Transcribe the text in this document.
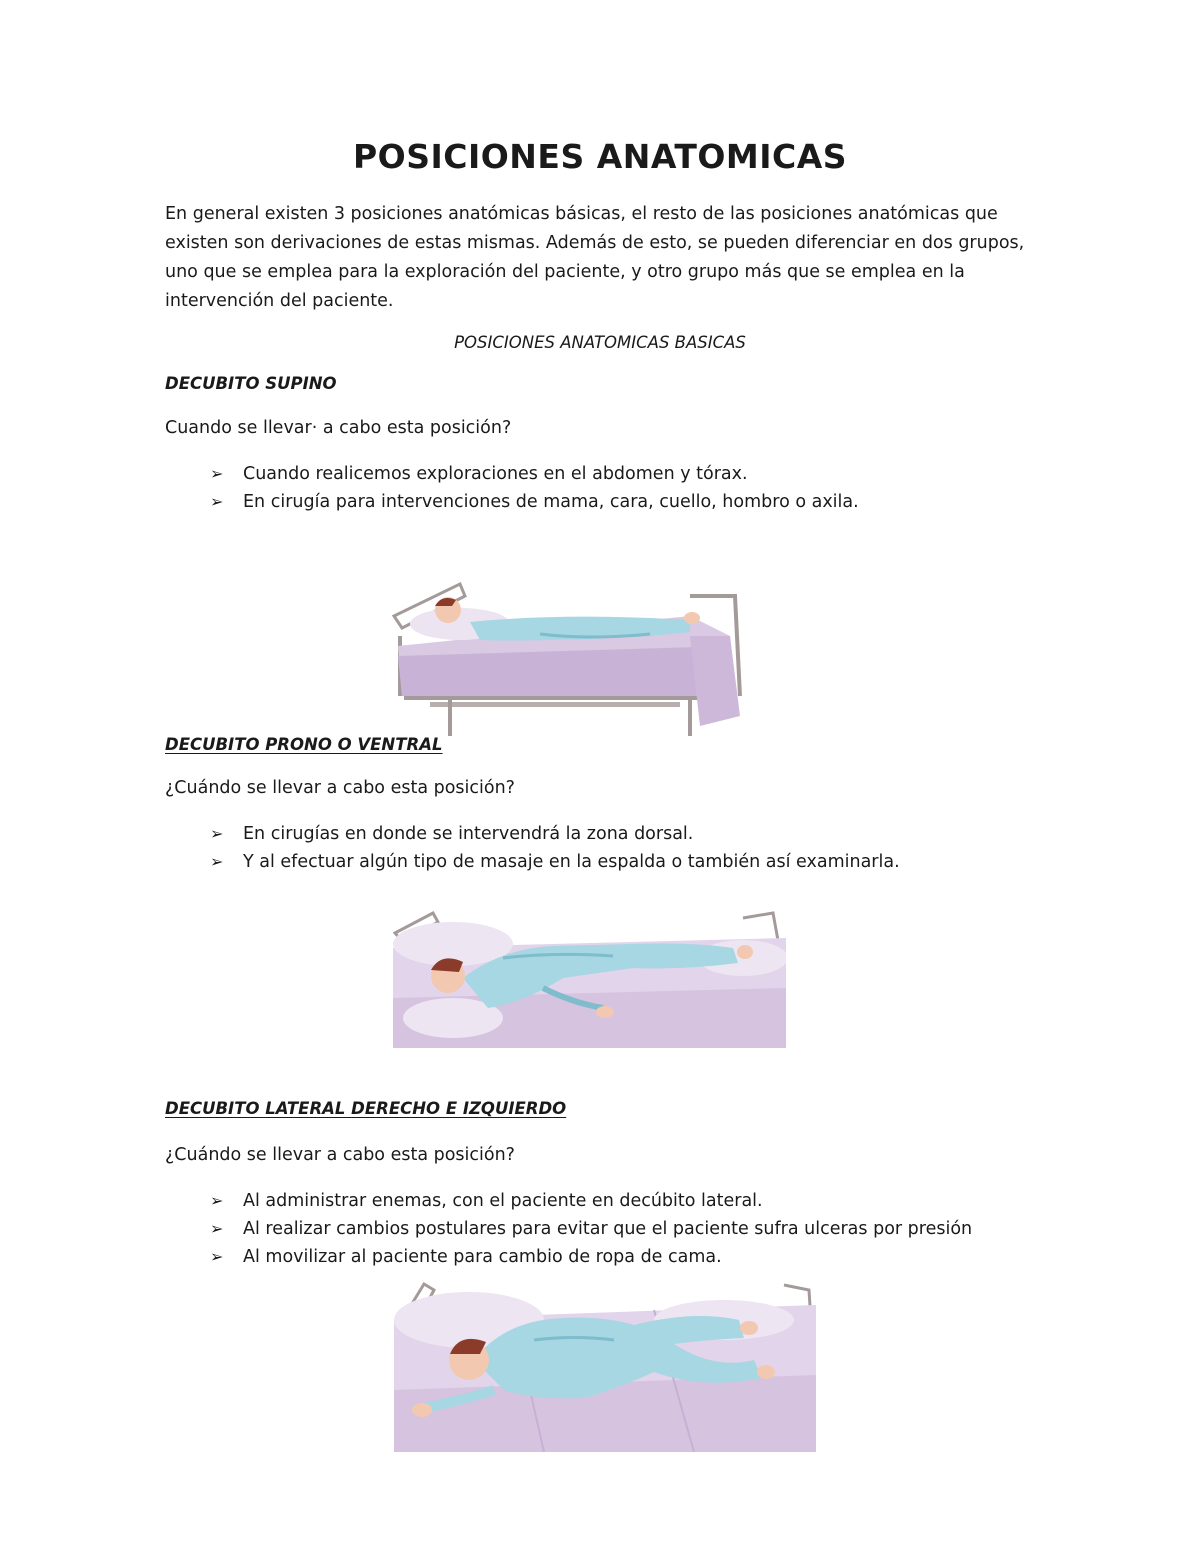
POSICIONES ANATOMICAS

En general existen 3 posiciones anatómicas básicas, el resto de las posiciones anatómicas que existen son derivaciones de estas mismas. Además de esto, se pueden diferenciar en dos grupos, uno que se emplea para la exploración del paciente, y otro grupo más que se emplea en la intervención del paciente.

POSICIONES ANATOMICAS BASICAS

DECUBITO SUPINO

Cuando se llevar· a cabo esta posición?

➢ Cuando realicemos exploraciones en el abdomen y tórax.
➢ En cirugía para intervenciones de mama, cara, cuello, hombro o axila.

DECUBITO PRONO O VENTRAL

¿Cuándo se llevar a cabo esta posición?

➢ En cirugías en donde se intervendrá la zona dorsal.
➢ Y al efectuar algún tipo de masaje en la espalda o también así examinarla.

DECUBITO LATERAL DERECHO E IZQUIERDO

¿Cuándo se llevar a cabo esta posición?

➢ Al administrar enemas, con el paciente en decúbito lateral.
➢ Al realizar cambios postulares para evitar que el paciente sufra ulceras por presión
➢ Al movilizar al paciente para cambio de ropa de cama.
